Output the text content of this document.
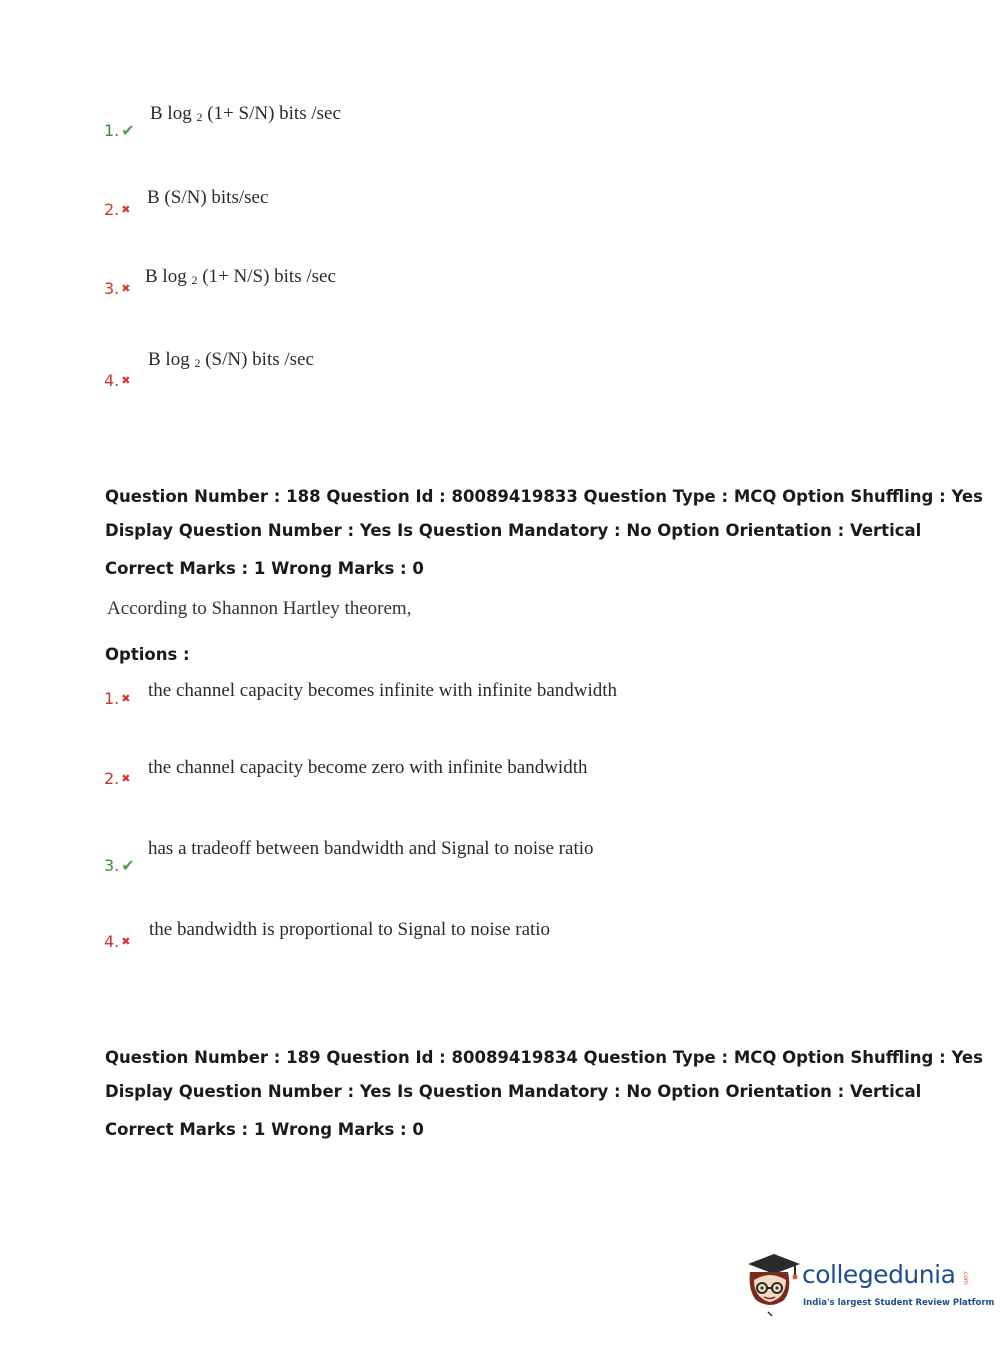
1. ✔
B log $_2$ (1+ S/N) bits /sec
2. ✖
B (S/N) bits/sec
3. ✖
B log $_2$ (1+ N/S) bits /sec
4. ✖
B log $_2$ (S/N) bits /sec
Question Number : 188 Question Id : 80089419833 Question Type : MCQ Option Shuffling : Yes
Display Question Number : Yes Is Question Mandatory : No Option Orientation : Vertical
Correct Marks : 1 Wrong Marks : 0
According to Shannon Hartley theorem,
Options :
1. ✖ the channel capacity becomes infinite with infinite bandwidth
2. ✖
the channel capacity become zero with infinite bandwidth
3. ✔
has a tradeoff between bandwidth and Signal to noise ratio
4. ✖
the bandwidth is proportional to Signal to noise ratio
Question Number : 189 Question Id : 80089419834 Question Type : MCQ Option Shuffling : Yes
Display Question Number : Yes Is Question Mandatory : No Option Orientation : Vertical
Correct Marks : 1 Wrong Marks : 0
collegedunia .com
India's largest Student Review Platform
